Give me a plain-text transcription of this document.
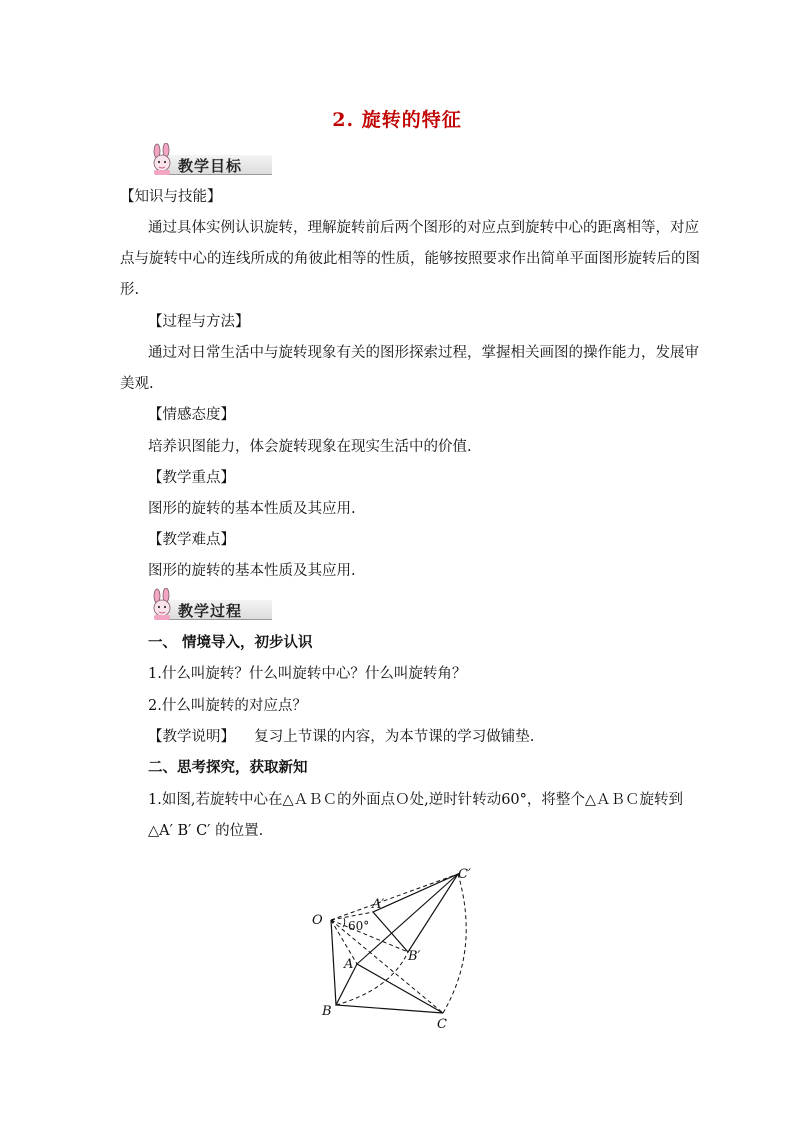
2. 旋转的特征
教学目标
【知识与技能】
通过具体实例认识旋转，理解旋转前后两个图形的对应点到旋转中心的距离相等，对应
点与旋转中心的连线所成的角彼此相等的性质，能够按照要求作出简单平面图形旋转后的图
形.
【过程与方法】
通过对日常生活中与旋转现象有关的图形探索过程，掌握相关画图的操作能力，发展审
美观.
【情感态度】
培养识图能力，体会旋转现象在现实生活中的价值.
【教学重点】
图形的旋转的基本性质及其应用.
【教学难点】
图形的旋转的基本性质及其应用.
教学过程
一、 情境导入，初步认识
1.什么叫旋转？什么叫旋转中心？什么叫旋转角？
2.什么叫旋转的对应点？
【教学说明】 复习上节课的内容，为本节课的学习做铺垫.
二、思考探究，获取新知
1.如图,若旋转中心在△ＡＢＣ的外面点Ｏ处,逆时针转动60°，将整个△ＡＢＣ旋转到
△A′ B′ C′ 的位置.
O
A
B
C
A′
B′
C′
60°
